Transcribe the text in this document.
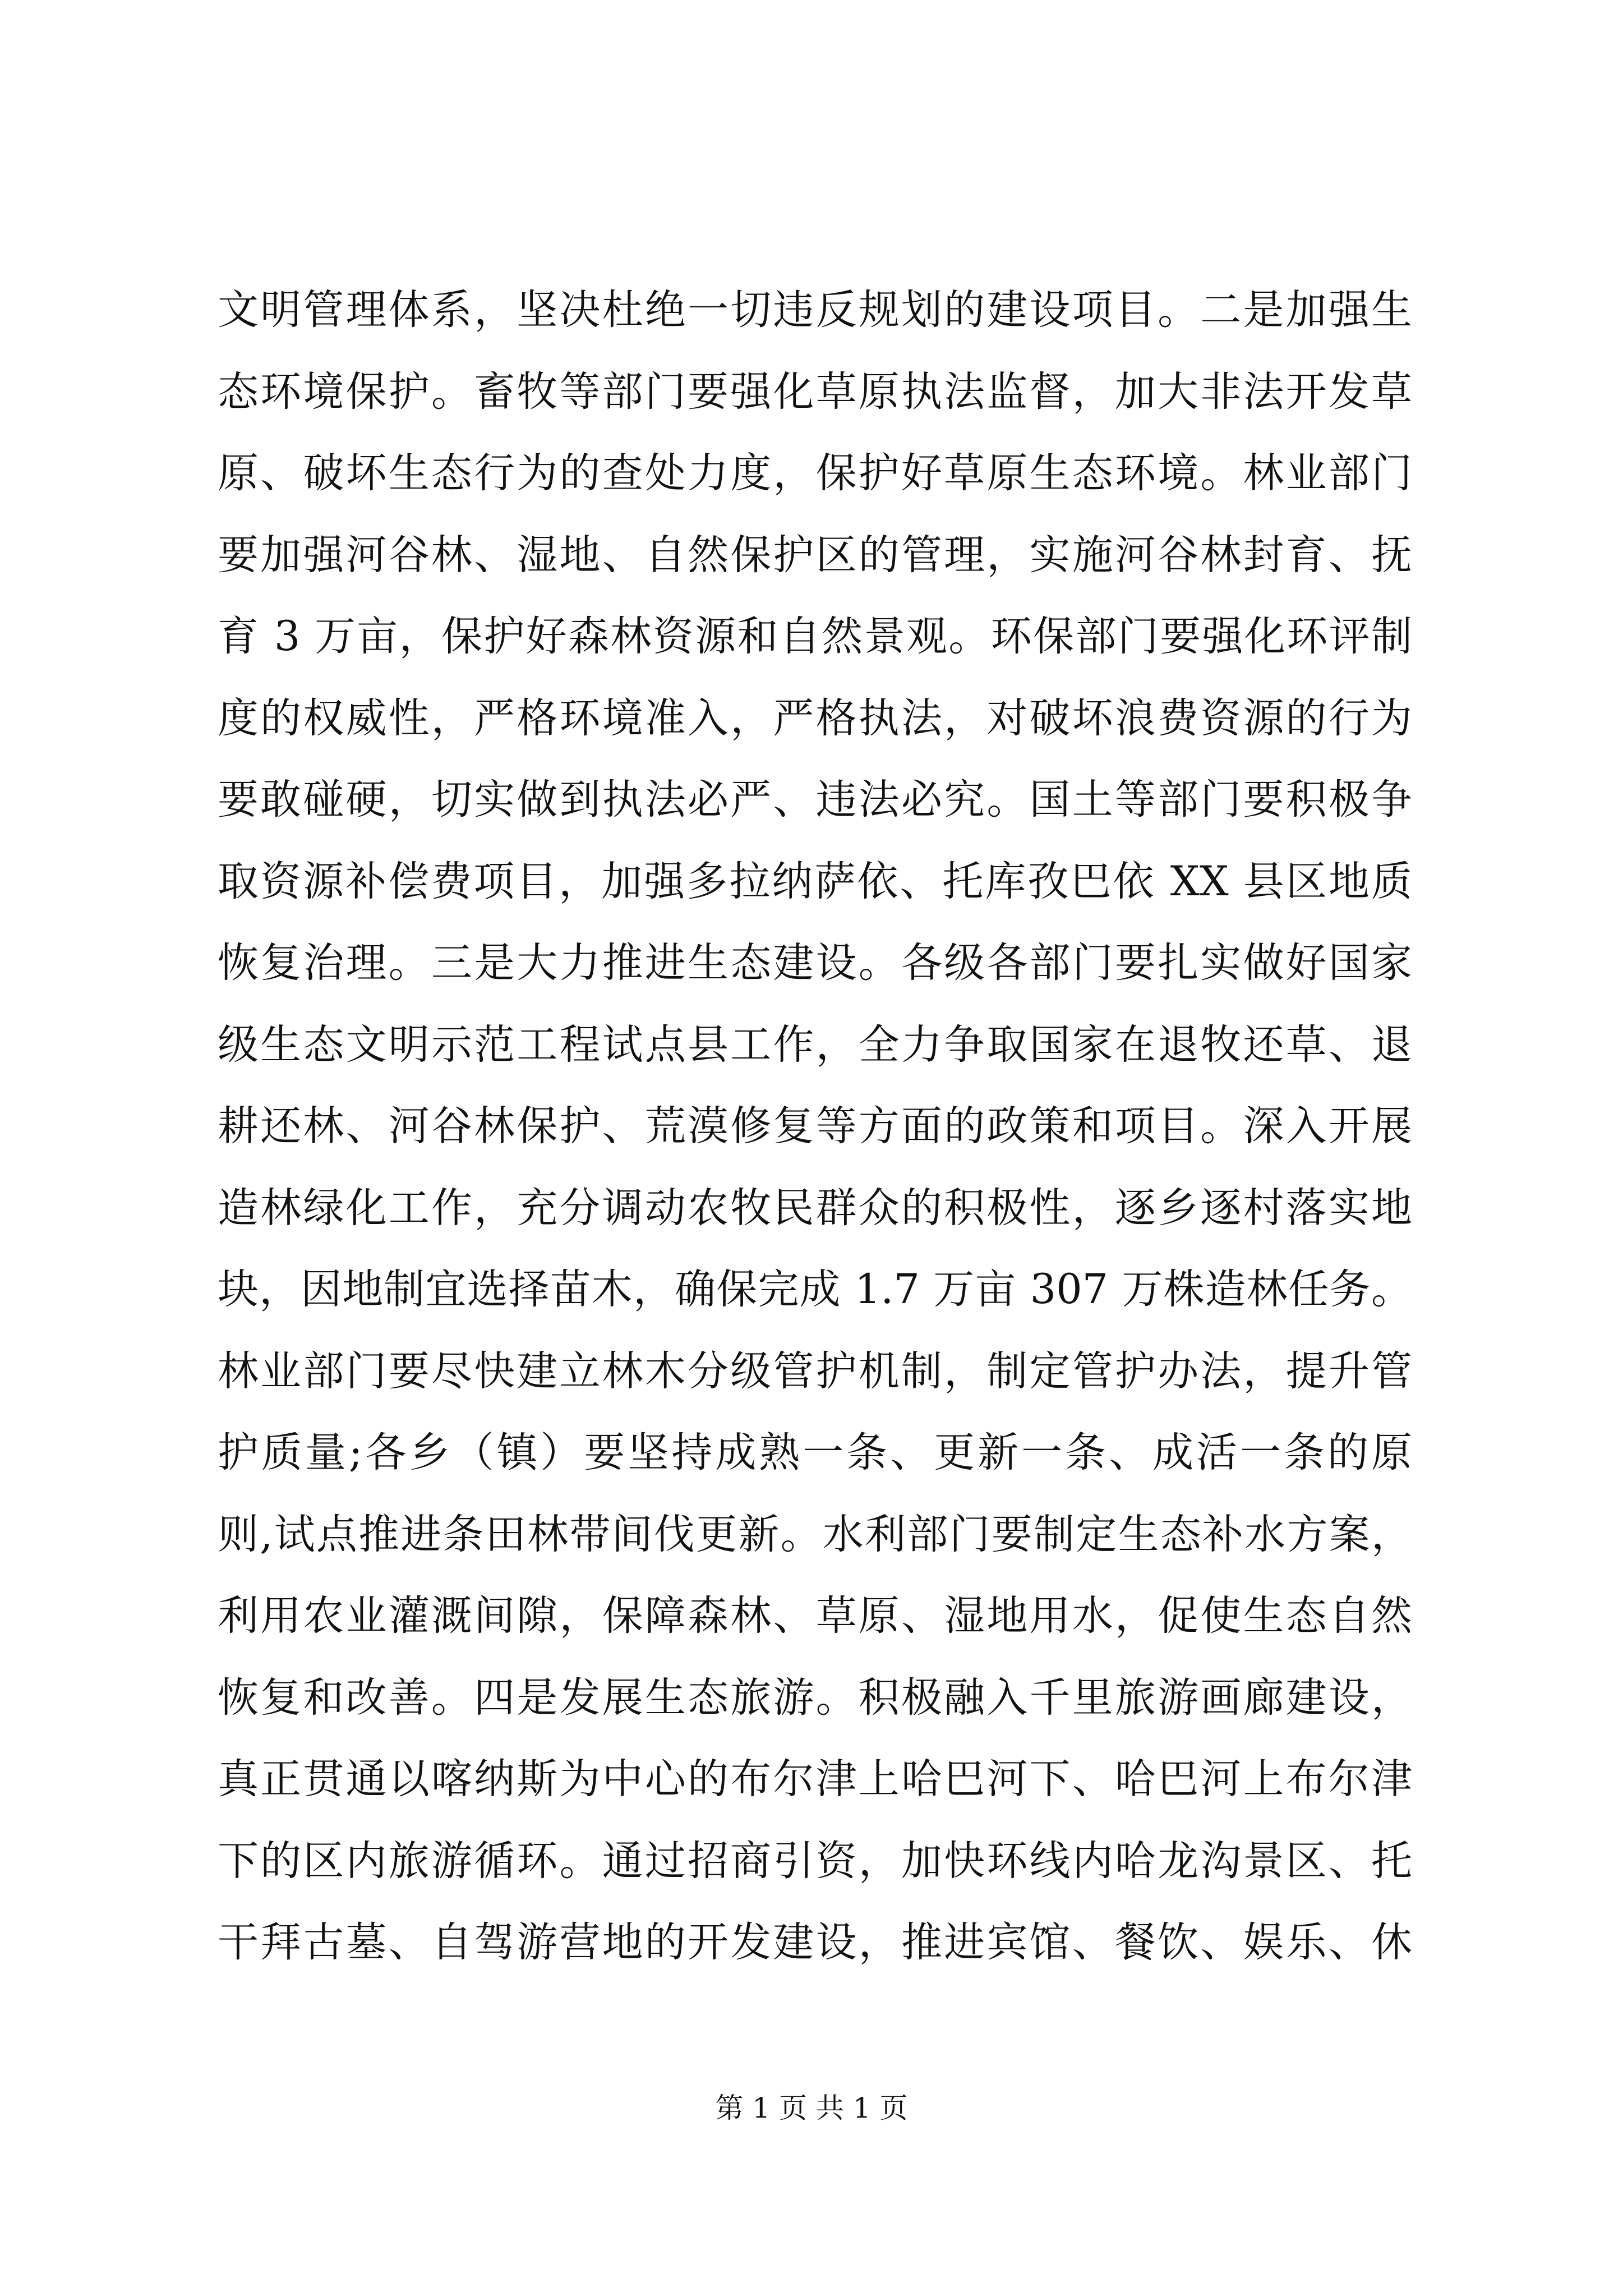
文明管理体系，坚决杜绝一切违反规划的建设项目。二是加强生
态环境保护。畜牧等部门要强化草原执法监督，加大非法开发草
原、破坏生态行为的查处力度，保护好草原生态环境。林业部门
要加强河谷林、湿地、自然保护区的管理，实施河谷林封育、抚
育 3 万亩，保护好森林资源和自然景观。环保部门要强化环评制
度的权威性，严格环境准入，严格执法，对破坏浪费资源的行为
要敢碰硬，切实做到执法必严、违法必究。国土等部门要积极争
取资源补偿费项目，加强多拉纳萨依、托库孜巴依 XX 县区地质
恢复治理。三是大力推进生态建设。各级各部门要扎实做好国家
级生态文明示范工程试点县工作，全力争取国家在退牧还草、退
耕还林、河谷林保护、荒漠修复等方面的政策和项目。深入开展
造林绿化工作，充分调动农牧民群众的积极性，逐乡逐村落实地
块，因地制宜选择苗木，确保完成 1.7 万亩 307 万株造林任务。
林业部门要尽快建立林木分级管护机制，制定管护办法，提升管
护质量;各乡（镇）要坚持成熟一条、更新一条、成活一条的原
则,试点推进条田林带间伐更新。水利部门要制定生态补水方案，
利用农业灌溉间隙，保障森林、草原、湿地用水，促使生态自然
恢复和改善。四是发展生态旅游。积极融入千里旅游画廊建设，
真正贯通以喀纳斯为中心的布尔津上哈巴河下、哈巴河上布尔津
下的区内旅游循环。通过招商引资，加快环线内哈龙沟景区、托
干拜古墓、自驾游营地的开发建设，推进宾馆、餐饮、娱乐、休
第 1 页 共 1 页
